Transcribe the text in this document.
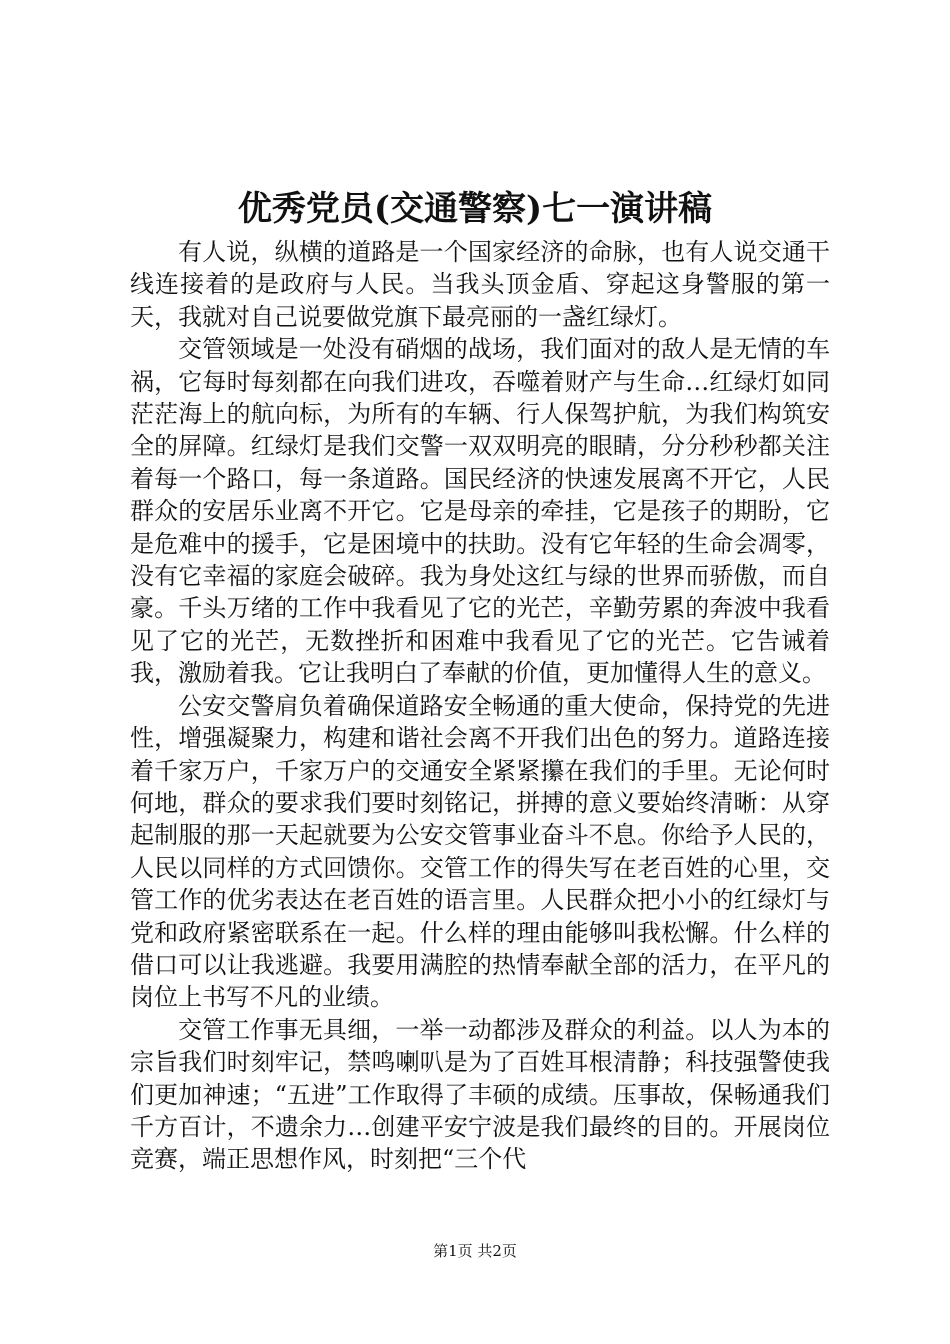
优秀党员(交通警察)七一演讲稿

有人说，纵横的道路是一个国家经济的命脉，也有人说交通干线连接着的是政府与人民。当我头顶金盾、穿起这身警服的第一天，我就对自己说要做党旗下最亮丽的一盏红绿灯。

交管领域是一处没有硝烟的战场，我们面对的敌人是无情的车祸，它每时每刻都在向我们进攻，吞噬着财产与生命…红绿灯如同茫茫海上的航向标，为所有的车辆、行人保驾护航，为我们构筑安全的屏障。红绿灯是我们交警一双双明亮的眼睛，分分秒秒都关注着每一个路口，每一条道路。国民经济的快速发展离不开它，人民群众的安居乐业离不开它。它是母亲的牵挂，它是孩子的期盼，它是危难中的援手，它是困境中的扶助。没有它年轻的生命会凋零，没有它幸福的家庭会破碎。我为身处这红与绿的世界而骄傲，而自豪。千头万绪的工作中我看见了它的光芒，辛勤劳累的奔波中我看见了它的光芒，无数挫折和困难中我看见了它的光芒。它告诫着我，激励着我。它让我明白了奉献的价值，更加懂得人生的意义。

公安交警肩负着确保道路安全畅通的重大使命，保持党的先进性，增强凝聚力，构建和谐社会离不开我们出色的努力。道路连接着千家万户，千家万户的交通安全紧紧攥在我们的手里。无论何时何地，群众的要求我们要时刻铭记，拼搏的意义要始终清晰：从穿起制服的那一天起就要为公安交管事业奋斗不息。你给予人民的，人民以同样的方式回馈你。交管工作的得失写在老百姓的心里，交管工作的优劣表达在老百姓的语言里。人民群众把小小的红绿灯与党和政府紧密联系在一起。什么样的理由能够叫我松懈。什么样的借口可以让我逃避。我要用满腔的热情奉献全部的活力，在平凡的岗位上书写不凡的业绩。

交管工作事无具细，一举一动都涉及群众的利益。以人为本的宗旨我们时刻牢记，禁鸣喇叭是为了百姓耳根清静；科技强警使我们更加神速；“五进”工作取得了丰硕的成绩。压事故，保畅通我们千方百计，不遗余力…创建平安宁波是我们最终的目的。开展岗位竞赛，端正思想作风，时刻把“三个代

第1页 共2页
